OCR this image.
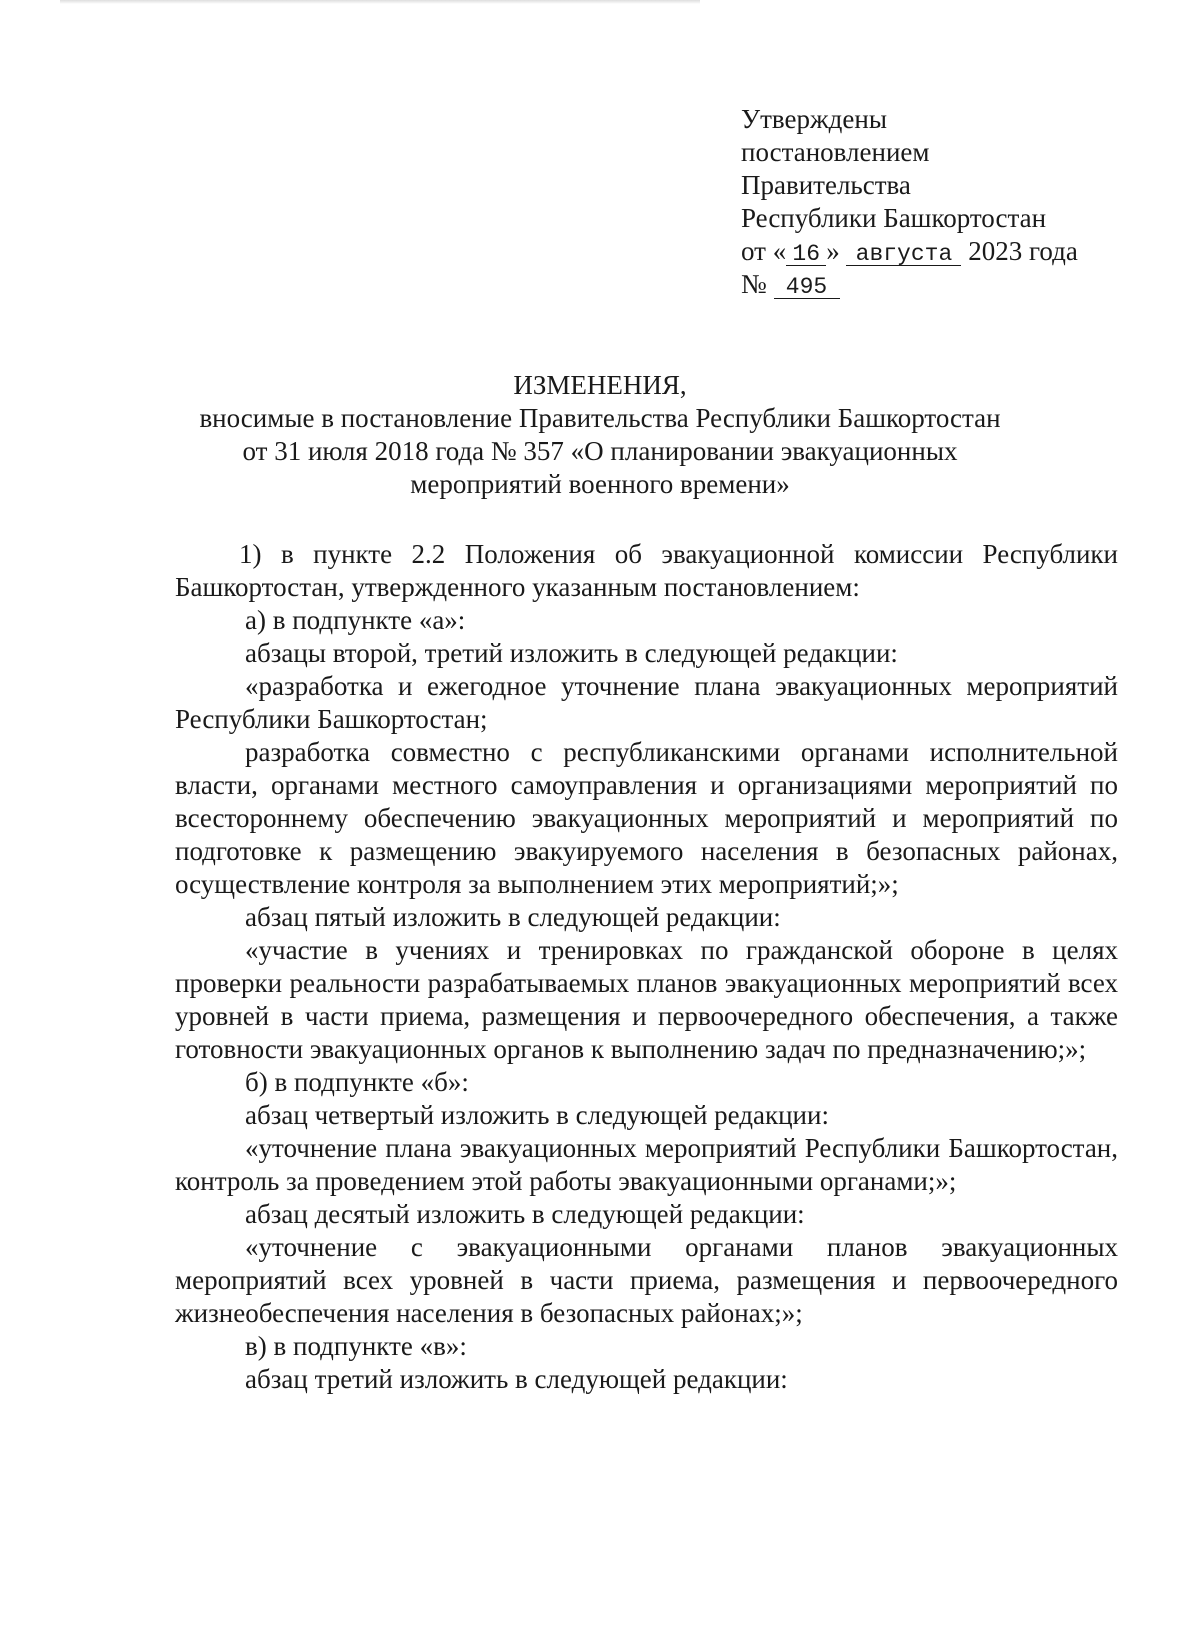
Утверждены
постановлением
Правительства
Республики Башкортостан
от « 16 » августа 2023 года
№ 495
ИЗМЕНЕНИЯ,
вносимые в постановление Правительства Республики Башкортостан
от 31 июля 2018 года № 357 «О планировании эвакуационных
мероприятий военного времени»

1) в пункте 2.2 Положения об эвакуационной комиссии Республики Башкортостан, утвержденного указанным постановлением:

а) в подпункте «а»:

абзацы второй, третий изложить в следующей редакции:

«разработка и ежегодное уточнение плана эвакуационных мероприятий Республики Башкортостан;

разработка совместно с республиканскими органами исполнительной власти, органами местного самоуправления и организациями мероприятий по всестороннему обеспечению эвакуационных мероприятий и мероприятий по подготовке к размещению эвакуируемого населения в безопасных районах, осуществление контроля за выполнением этих мероприятий;»;

абзац пятый изложить в следующей редакции:

«участие в учениях и тренировках по гражданской обороне в целях проверки реальности разрабатываемых планов эвакуационных мероприятий всех уровней в части приема, размещения и первоочередного обеспечения, а также готовности эвакуационных органов к выполнению задач по предназначению;»;

б) в подпункте «б»:

абзац четвертый изложить в следующей редакции:

«уточнение плана эвакуационных мероприятий Республики Башкортостан, контроль за проведением этой работы эвакуационными органами;»;

абзац десятый изложить в следующей редакции:

«уточнение с эвакуационными органами планов эвакуационных мероприятий всех уровней в части приема, размещения и первоочередного жизнеобеспечения населения в безопасных районах;»;

в) в подпункте «в»:

абзац третий изложить в следующей редакции:
